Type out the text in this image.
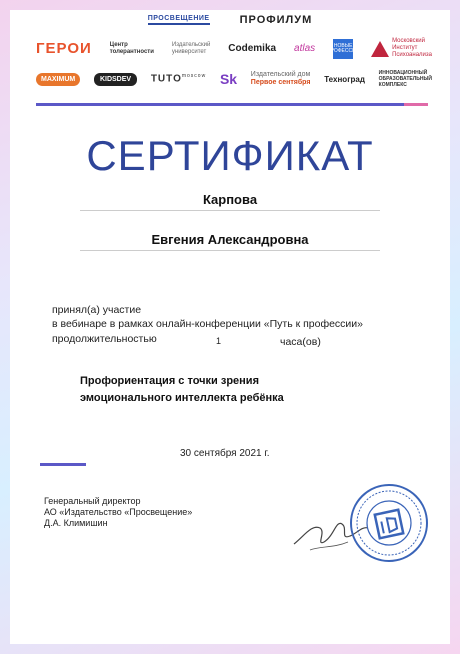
ПРОСВЕЩЕНИЕ	ПРОФИЛУМ
ГЕРОИ	Центр
толерантности
Издательский
университет	Codemika atlas	НОВЫЕ ПРОФЕССИИ
Московский
Институт
Психоанализа
MAXIMUM	KIDSDEV	$TUTO^{moscow}$ Sk Издательский дом
Первое сентября Техноград
ИННОВАЦИОННЫЙ
ОБРАЗОВАТЕЛЬНЫЙ
КОМПЛЕКС
СЕРТИФИКАТ
Карпова
Евгения Александровна
принял(а) участие
в вебинаре в рамках онлайн-конференции «Путь к профессии»
продолжительностью	1	часа(ов)
Профориентация с точки зрения
эмоционального интеллекта ребёнка
30 сентября 2021 г.
Генеральный директор
АО «Издательство «Просвещение»
Д.А. Климишин
